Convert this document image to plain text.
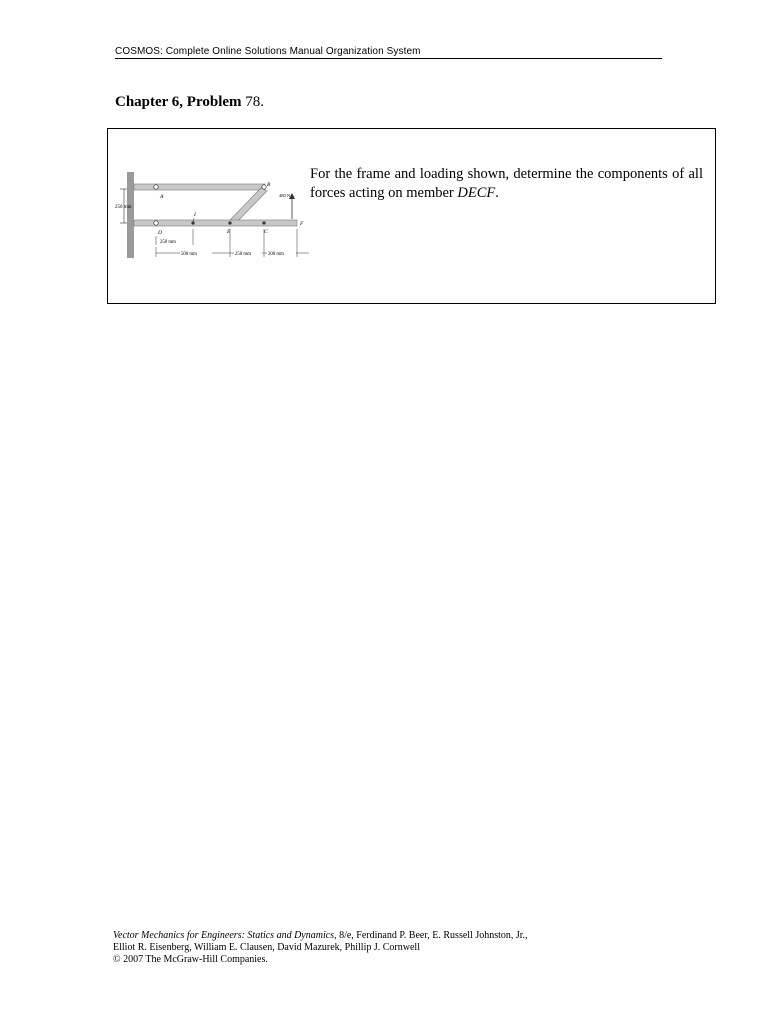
COSMOS: Complete Online Solutions Manual Organization System
Chapter 6, Problem 78.
250 mm
A
B
C
D	E
F
I
480 N
250 mm
500 mm	250 mm	200 mm
For the frame and loading shown, determine the components of all forces acting on member DECF.
Vector Mechanics for Engineers: Statics and Dynamics, 8/e, Ferdinand P. Beer, E. Russell Johnston, Jr.,
Elliot R. Eisenberg, William E. Clausen, David Mazurek, Phillip J. Cornwell
© 2007 The McGraw-Hill Companies.
